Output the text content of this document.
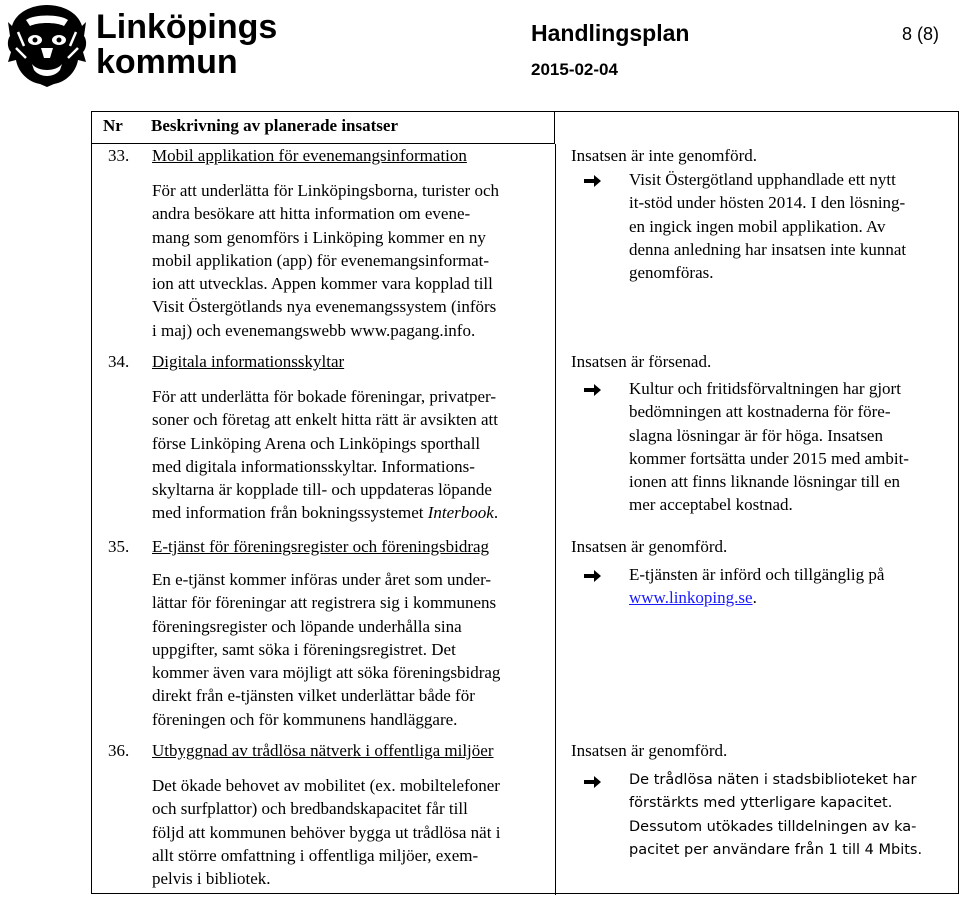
Linköpings
kommun
Handlingsplan	8 (8)
2015-02-04
Nr Beskrivning av planerade insatser
33. Mobil applikation för evenemangsinformation

För att underlätta för Linköpingsborna, turister och

andra besökare att hitta information om evene-

mang som genomförs i Linköping kommer en ny

mobil applikation (app) för evenemangsinformat-

ion att utvecklas. Appen kommer vara kopplad till

Visit Östergötlands nya evenemangssystem (införs

i maj) och evenemangswebb www.pagang.info.

Insatsen är inte genomförd.

Visit Östergötland upphandlade ett nytt

it-stöd under hösten 2014. I den lösning-

en ingick ingen mobil applikation. Av

denna anledning har insatsen inte kunnat

genomföras.

34. Digitala informationsskyltar

För att underlätta för bokade föreningar, privatper-

soner och företag att enkelt hitta rätt är avsikten att

förse Linköping Arena och Linköpings sporthall

med digitala informationsskyltar. Informations-

skyltarna är kopplade till- och uppdateras löpande

med information från bokningssystemet Interbook.

Insatsen är försenad.

Kultur och fritidsförvaltningen har gjort

bedömningen att kostnaderna för före-

slagna lösningar är för höga. Insatsen

kommer fortsätta under 2015 med ambit-

ionen att finns liknande lösningar till en

mer acceptabel kostnad.

35. E-tjänst för föreningsregister och föreningsbidrag

En e-tjänst kommer införas under året som under-

lättar för föreningar att registrera sig i kommunens

föreningsregister och löpande underhålla sina

uppgifter, samt söka i föreningsregistret. Det

kommer även vara möjligt att söka föreningsbidrag

direkt från e-tjänsten vilket underlättar både för

föreningen och för kommunens handläggare.

Insatsen är genomförd.

E-tjänsten är införd och tillgänglig på

www.linkoping.se.

36. Utbyggnad av trådlösa nätverk i offentliga miljöer

Det ökade behovet av mobilitet (ex. mobiltelefoner

och surfplattor) och bredbandskapacitet får till

följd att kommunen behöver bygga ut trådlösa nät i

allt större omfattning i offentliga miljöer, exem-

pelvis i bibliotek.

Insatsen är genomförd.

De trådlösa näten i stadsbiblioteket har

förstärkts med ytterligare kapacitet.

Dessutom utökades tilldelningen av ka-

pacitet per användare från 1 till 4 Mbits.
